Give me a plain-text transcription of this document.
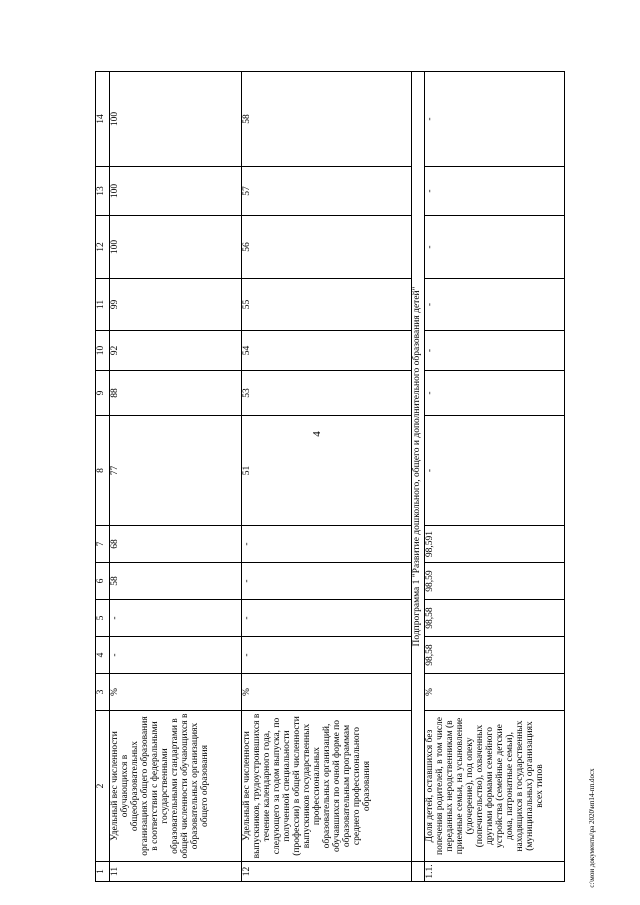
4
1	2	3	4	5	6	7	8	9	10	11	12	13	14
11	Удельный вес численности обучающихся в общеобразовательных организациях общего образования в соответствии с федеральными государственными образовательными стандартами в общей численности обучающихся в образовательных организациях общего образования	%	-	-	58	68	77	88	92	99	100	100	100
12	Удельный вес численности выпускников, трудоустроившихся в течение календарного года, следующего за годом выпуска, по полученной специальности (профессии) в общей численности выпускников государственных профессиональных образовательных организаций, обучавшихся по очной форме по образовательным программам среднего профессионального образования	%	-	-	-	-	51	53	54	55	56	57	58
	Подпрограмма 1 "Развитие дошкольного, общего и дополнительного образования детей"												
1.1.	Доля детей, оставшихся без попечения родителей, в том числе переданных неродственникам (в приемные семьи, на усыновление (удочерение), под опеку (попечительство), охваченных другими формами семейного устройства (семейные детские дома, патронатные семьи), находящихся в государственных (муниципальных) организациях всех типов	%	98,58	98,58	98,59	98,591	-	-	-	-	-	-	-
c:\мои документы\ра 2020\ип14-пп.docx
